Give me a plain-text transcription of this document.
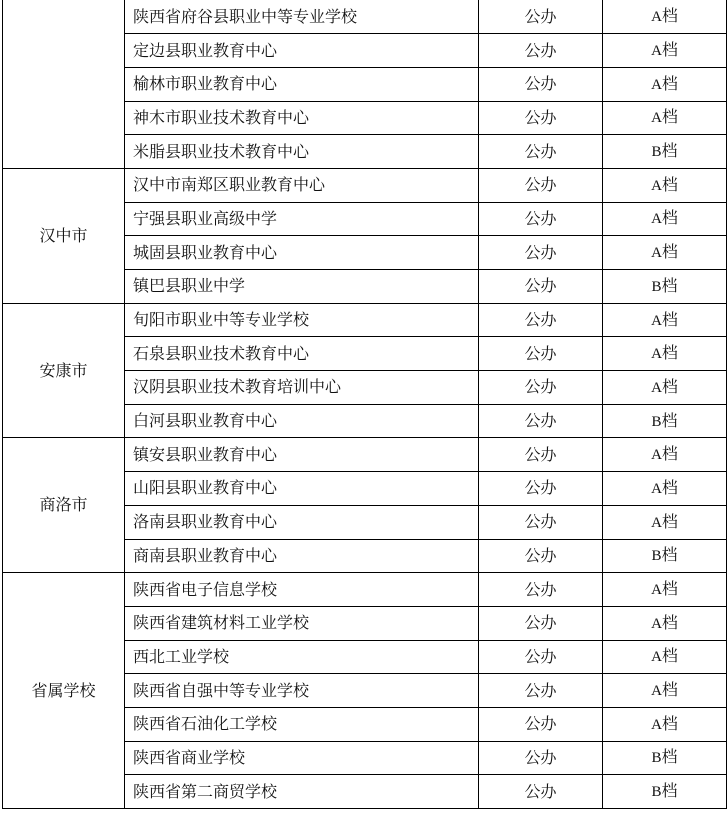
	陕西省府谷县职业中等专业学校	公办	A档
	定边县职业教育中心	公办	A档
	榆林市职业教育中心	公办	A档
	神木市职业技术教育中心	公办	A档
	米脂县职业技术教育中心	公办	B档
汉中市	汉中市南郑区职业教育中心	公办	A档
	宁强县职业高级中学	公办	A档
	城固县职业教育中心	公办	A档
	镇巴县职业中学	公办	B档
安康市	旬阳市职业中等专业学校	公办	A档
	石泉县职业技术教育中心	公办	A档
	汉阴县职业技术教育培训中心	公办	A档
	白河县职业教育中心	公办	B档
商洛市	镇安县职业教育中心	公办	A档
	山阳县职业教育中心	公办	A档
	洛南县职业教育中心	公办	A档
	商南县职业教育中心	公办	B档
省属学校	陕西省电子信息学校	公办	A档
	陕西省建筑材料工业学校	公办	A档
	西北工业学校	公办	A档
	陕西省自强中等专业学校	公办	A档
	陕西省石油化工学校	公办	A档
	陕西省商业学校	公办	B档
	陕西省第二商贸学校	公办	B档
